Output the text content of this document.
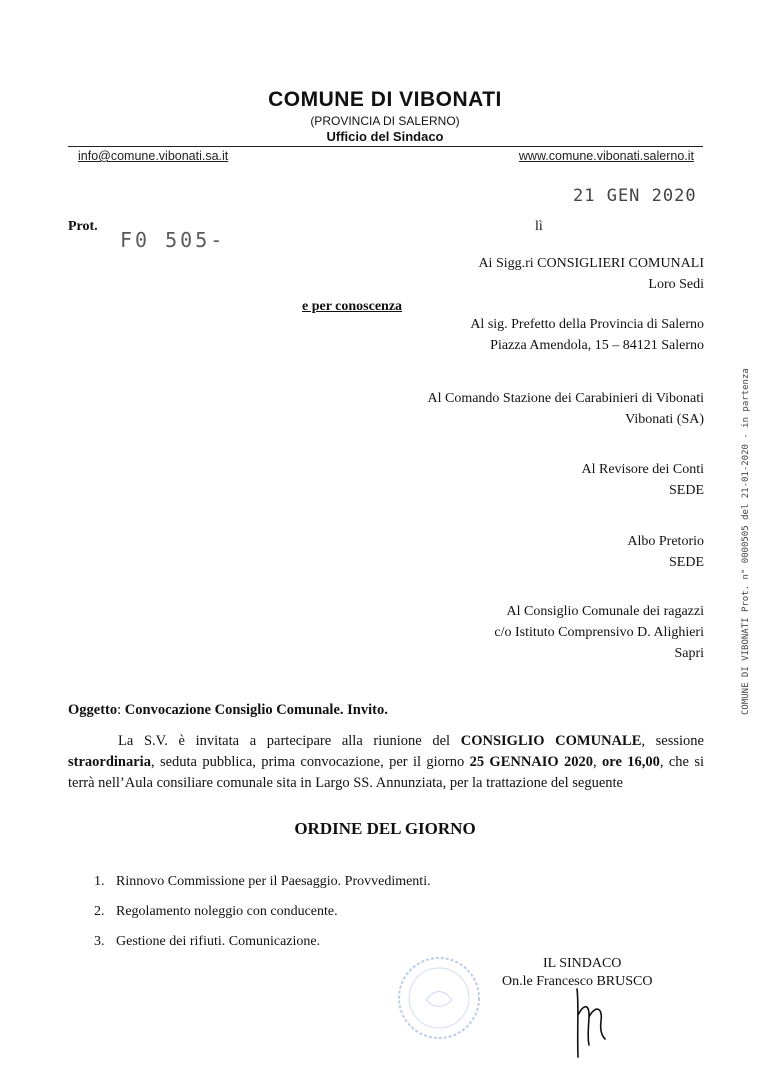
COMUNE DI VIBONATI
(PROVINCIA DI SALERNO)
Ufficio del Sindaco
info@comune.vibonati.sa.it	www.comune.vibonati.salerno.it
21 GEN 2020
Prot.
F0 505-
lì
Ai Sigg.ri CONSIGLIERI COMUNALI
Loro Sedi
e per conoscenza
Al sig. Prefetto della Provincia di Salerno
Piazza Amendola, 15 – 84121 Salerno
Al Comando Stazione dei Carabinieri di Vibonati
Vibonati (SA)
Al Revisore dei Conti
SEDE
Albo Pretorio
SEDE
Al Consiglio Comunale dei ragazzi
c/o Istituto Comprensivo D. Alighieri
Sapri	COMUNE DI VIBONATI Prot. n° 0000505 del 21-01-2020 - in partenza
Oggetto: Convocazione Consiglio Comunale. Invito.
La S.V. è invitata a partecipare alla riunione del CONSIGLIO COMUNALE, sessione straordinaria, seduta pubblica, prima convocazione, per il giorno 25 GENNAIO 2020, ore 16,00, che si terrà nell’Aula consiliare comunale sita in Largo SS. Annunziata, per la trattazione del seguente
ORDINE DEL GIORNO
1. Rinnovo Commissione per il Paesaggio. Provvedimenti.
2. Regolamento noleggio con conducente.
3. Gestione dei rifiuti. Comunicazione.
IL SINDACO
On.le Francesco BRUSCO
